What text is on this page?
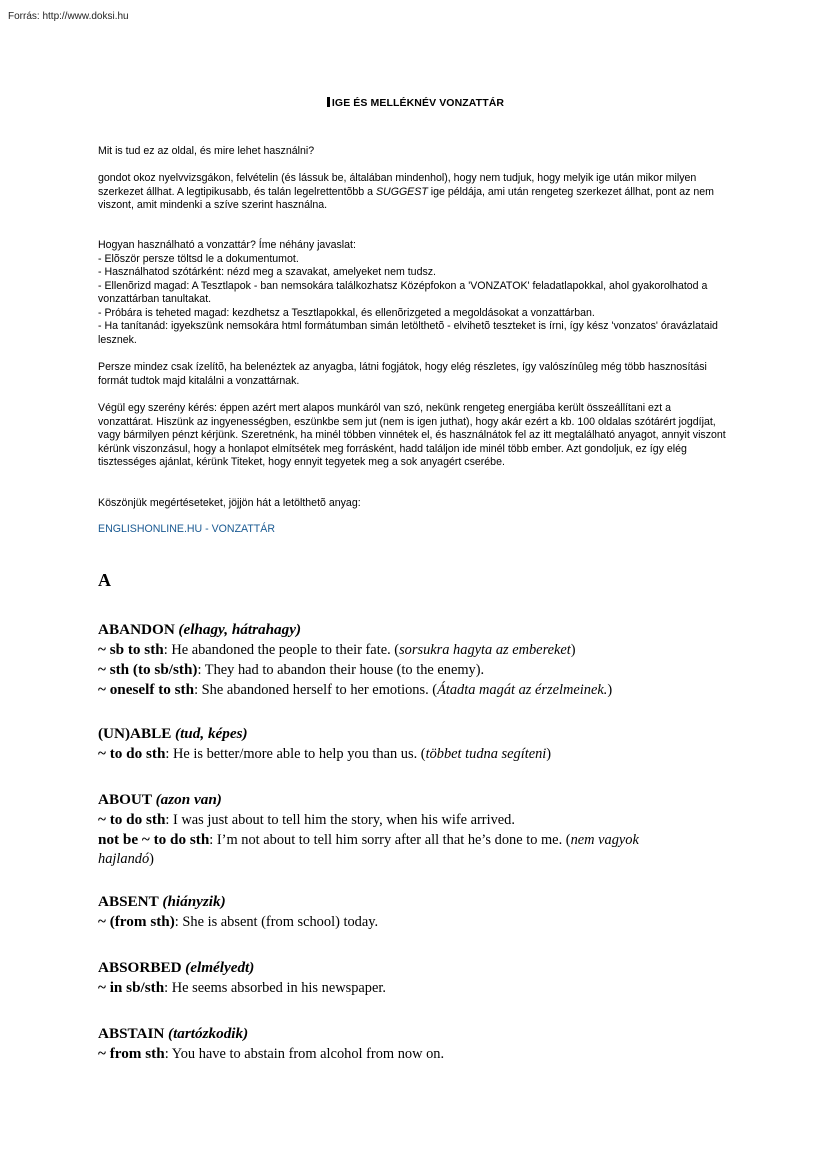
Forrás: http://www.doksi.hu
IGE ÉS MELLÉKNÉV VONZATTÁR
Mit is tud ez az oldal, és mire lehet használni?
gondot okoz nyelvvizsgákon, felvételin (és lássuk be, általában mindenhol), hogy nem tudjuk, hogy melyik ige után mikor milyen szerkezet állhat. A legtipikusabb, és talán legelrettentõbb a SUGGEST ige példája, ami után rengeteg szerkezet állhat, pont az nem viszont, amit mindenki a szíve szerint használna.

Hogyan használható a vonzattár? Íme néhány javaslat:

- Elõször persze töltsd le a dokumentumot.

- Használhatod szótárként: nézd meg a szavakat, amelyeket nem tudsz.

- Ellenõrizd magad: A Tesztlapok - ban nemsokára találkozhatsz Középfokon a 'VONZATOK' feladatlapokkal, ahol gyakorolhatod a vonzattárban tanultakat.

- Próbára is teheted magad: kezdhetsz a Tesztlapokkal, és ellenõrizgeted a megoldásokat a vonzattárban.

- Ha tanítanád: igyekszünk nemsokára html formátumban simán letölthetõ - elvihetõ teszteket is írni, így kész 'vonzatos' óravázlataid lesznek.

Persze mindez csak ízelítõ, ha belenéztek az anyagba, látni fogjátok, hogy elég részletes, így valószínûleg még több hasznosítási formát tudtok majd kitalálni a vonzattárnak.
Végül egy szerény kérés: éppen azért mert alapos munkáról van szó, nekünk rengeteg energiába került összeállítani ezt a vonzattárat. Hiszünk az ingyenességben, eszünkbe sem jut (nem is igen juthat), hogy akár ezért a kb. 100 oldalas szótárért jogdíjat, vagy bármilyen pénzt kérjünk. Szeretnénk, ha minél többen vinnétek el, és használnátok fel az itt megtalálható anyagot, annyit viszont kérünk viszonzásul, hogy a honlapot elmítsétek meg forrásként, hadd találjon ide minél több ember. Azt gondoljuk, ez így elég tisztességes ajánlat, kérünk Titeket, hogy ennyit tegyetek meg a sok anyagért cserébe.
Köszönjük megértéseteket, jöjjön hát a letölthetõ anyag:
ENGLISHONLINE.HU - VONZATTÁR
A

ABANDON (elhagy, hátrahagy)

~ sb to sth: He abandoned the people to their fate. (sorsukra hagyta az embereket)

~ sth (to sb/sth): They had to abandon their house (to the enemy).

~ oneself to sth: She abandoned herself to her emotions. (Átadta magát az érzelmeinek.)

(UN)ABLE (tud, képes)

~ to do sth: He is better/more able to help you than us. (többet tudna segíteni)

ABOUT (azon van)

~ to do sth: I was just about to tell him the story, when his wife arrived.

not be ~ to do sth: I’m not about to tell him sorry after all that he’s done to me. (nem vagyok hajlandó)

ABSENT (hiányzik)

~ (from sth): She is absent (from school) today.

ABSORBED (elmélyedt)

~ in sb/sth: He seems absorbed in his newspaper.

ABSTAIN (tartózkodik)

~ from sth: You have to abstain from alcohol from now on.
